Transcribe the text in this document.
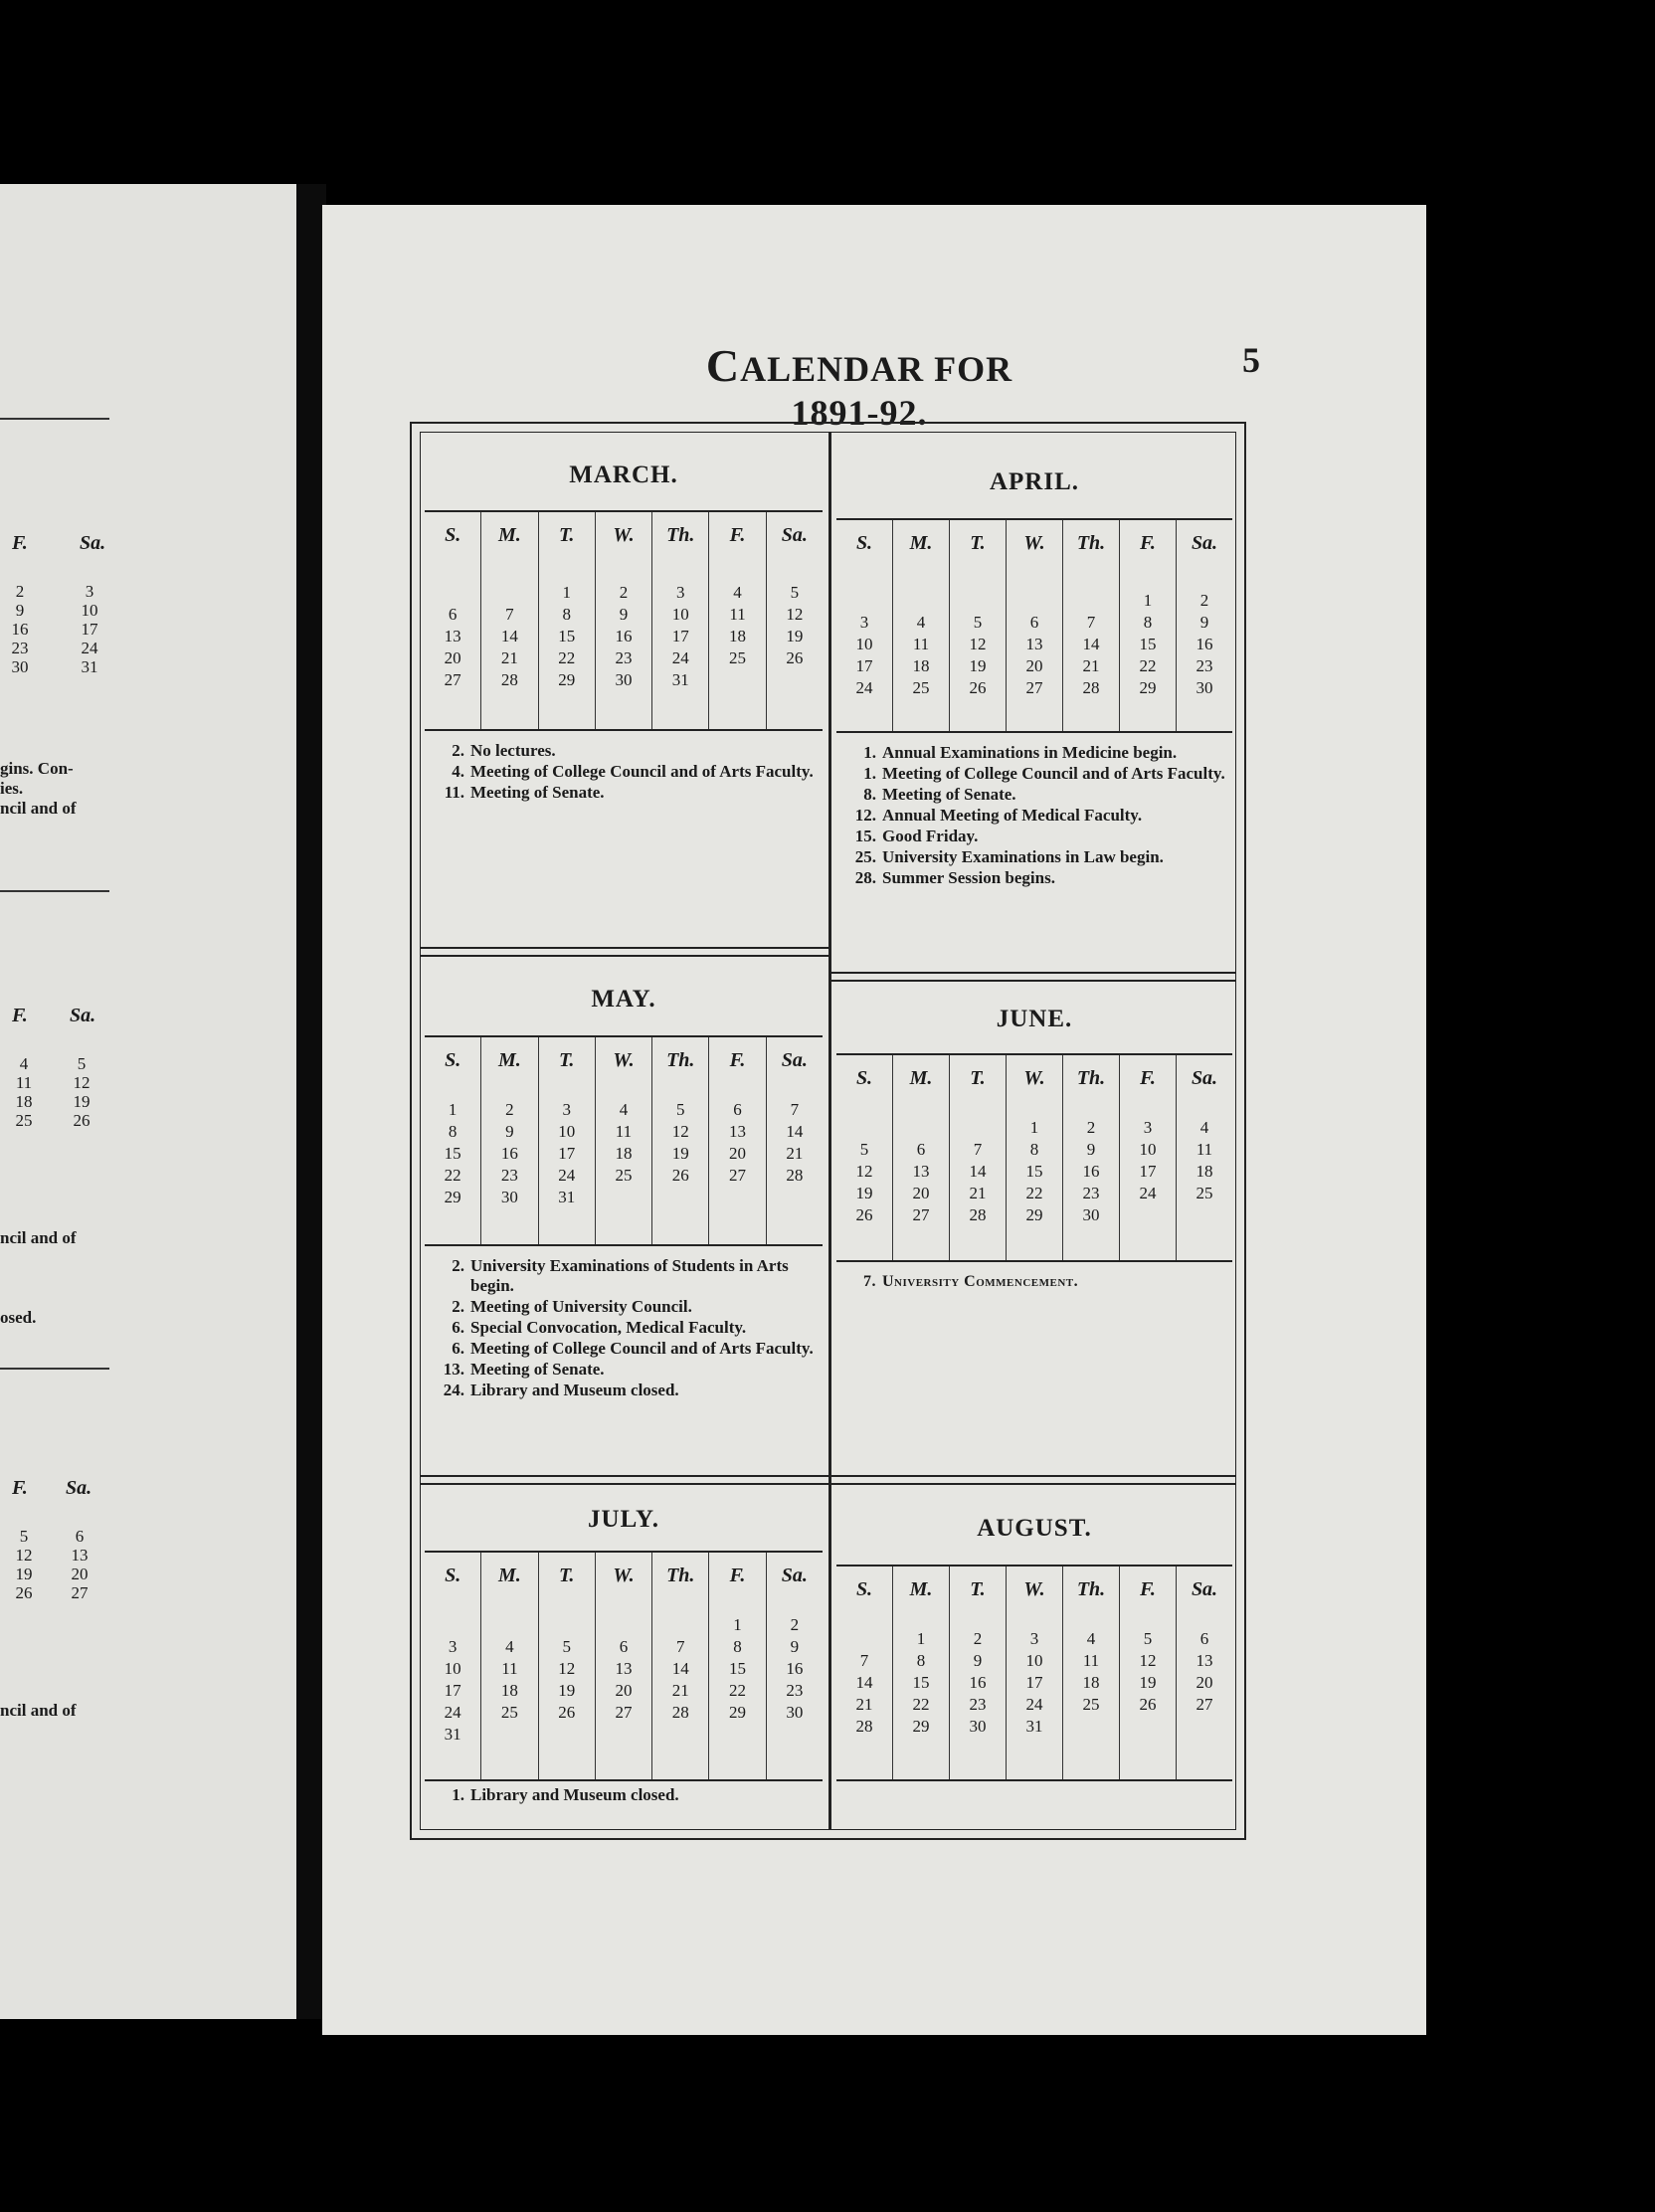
F.	Sa.
2
9
16
23
30
3
10
17
24
31
gins. Con-
ies.
ncil and of
F. Sa.
4
11
18
25
5
12
19
26
ncil and of
osed.
F. Sa.
5
12
19
26
6
13
20
27
ncil and of
CALENDAR FOR 1891-92.
5
MARCH.
S.
6
13
20
27
M.
7
14
21
28
T.
1
8
15
22
29
W.
2
9
16
23
30
Th.
3
10
17
24
31
F.
4
11
18
25
Sa.
5
12
19
26
2. No lectures.
4. Meeting of College Council and of Arts Faculty.
11. Meeting of Senate.
APRIL.
S.
3
10
17
24
M.
4
11
18
25
T.
5
12
19
26
W.
6
13
20
27
Th.
7
14
21
28
F.
1
8
15
22
29
Sa.
2
9
16
23
30
1. Annual Examinations in Medicine begin.
1. Meeting of College Council and of Arts Faculty.
8. Meeting of Senate.
12. Annual Meeting of Medical Faculty.
15. Good Friday.
25. University Examinations in Law begin.
28. Summer Session begins.
MAY.
S.
1
8
15
22
29
M.
2
9
16
23
30
T.
3
10
17
24
31
W.
4
11
18
25
Th.
5
12
19
26
F.
6
13
20
27
Sa.
7
14
21
28
2. University Examinations of Students in Arts begin.
2. Meeting of University Council.
6. Special Convocation, Medical Faculty.
6. Meeting of College Council and of Arts Faculty.
13. Meeting of Senate.
24. Library and Museum closed.
JUNE.
S.
5
12
19
26
M.
6
13
20
27
T.
7
14
21
28
W.
1
8
15
22
29
Th.
2
9
16
23
30
F.
3
10
17
24
Sa.
4
11
18
25
7. University Commencement.
JULY.
S.
3
10
17
24
31
M.
4
11
18
25
T.
5
12
19
26
W.
6
13
20
27
Th.
7
14
21
28
F.
1
8
15
22
29
Sa.
2
9
16
23
30
1. Library and Museum closed.
AUGUST.
S.
7
14
21
28
M.
1
8
15
22
29
T.
2
9
16
23
30
W.
3
10
17
24
31
Th.
4
11
18
25
F.
5
12
19
26
Sa.
6
13
20
27
